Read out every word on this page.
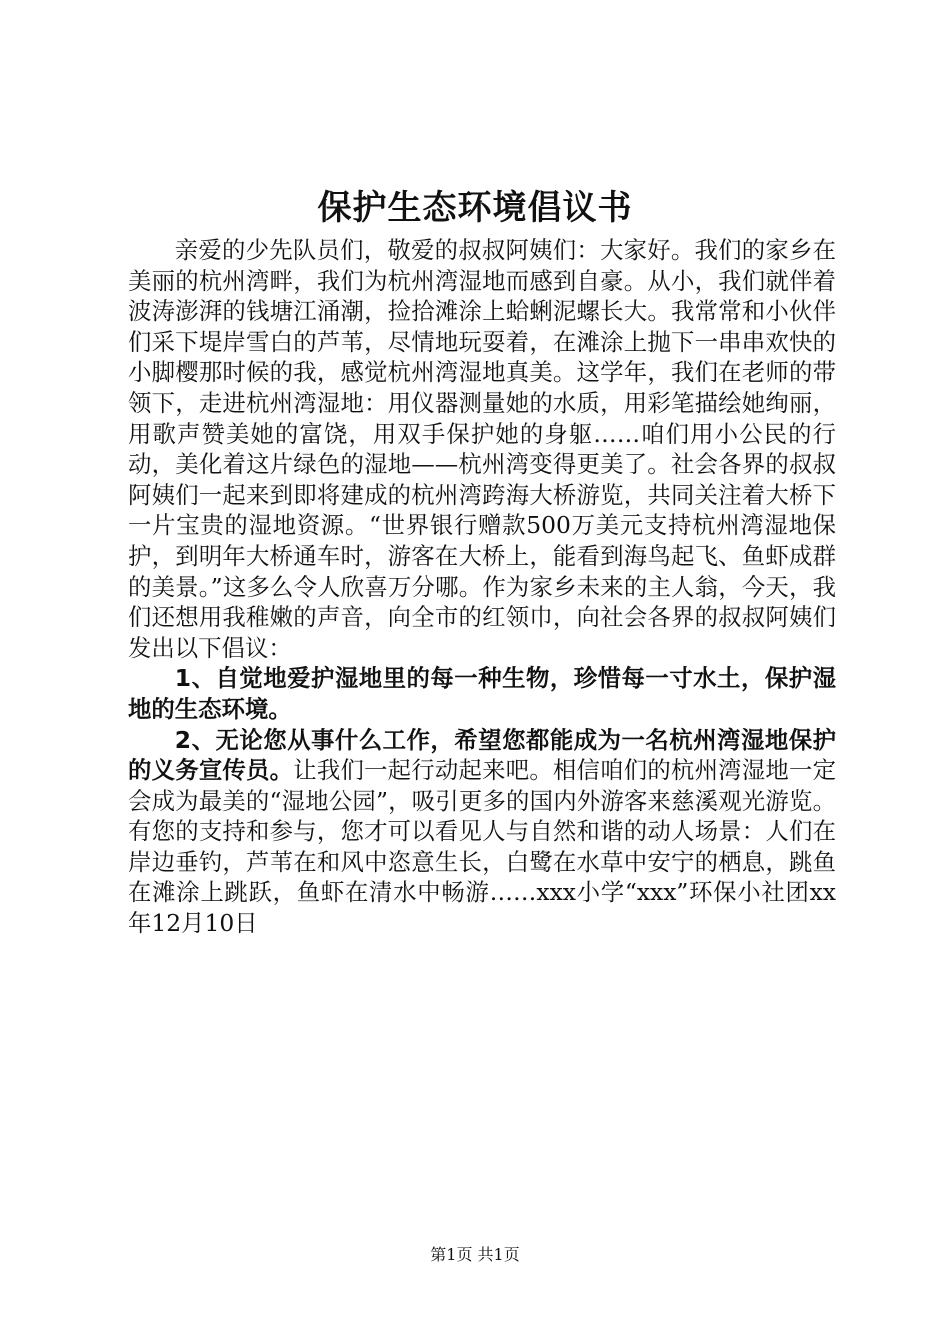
保护生态环境倡议书

亲爱的少先队员们，敬爱的叔叔阿姨们：大家好。我们的家乡在美丽的杭州湾畔，我们为杭州湾湿地而感到自豪。从小，我们就伴着波涛澎湃的钱塘江涌潮，捡拾滩涂上蛤蜊泥螺长大。我常常和小伙伴们采下堤岸雪白的芦苇，尽情地玩耍着，在滩涂上抛下一串串欢快的小脚樱那时候的我，感觉杭州湾湿地真美。这学年，我们在老师的带领下，走进杭州湾湿地：用仪器测量她的水质，用彩笔描绘她绚丽，用歌声赞美她的富饶，用双手保护她的身躯……咱们用小公民的行动，美化着这片绿色的湿地——杭州湾变得更美了。社会各界的叔叔阿姨们一起来到即将建成的杭州湾跨海大桥游览，共同关注着大桥下一片宝贵的湿地资源。“世界银行赠款500万美元支持杭州湾湿地保护，到明年大桥通车时，游客在大桥上，能看到海鸟起飞、鱼虾成群的美景。”这多么令人欣喜万分哪。作为家乡未来的主人翁，今天，我们还想用我稚嫩的声音，向全市的红领巾，向社会各界的叔叔阿姨们发出以下倡议：

1、自觉地爱护湿地里的每一种生物，珍惜每一寸水土，保护湿地的生态环境。

2、无论您从事什么工作，希望您都能成为一名杭州湾湿地保护的义务宣传员。让我们一起行动起来吧。相信咱们的杭州湾湿地一定会成为最美的“湿地公园”，吸引更多的国内外游客来慈溪观光游览。有您的支持和参与，您才可以看见人与自然和谐的动人场景：人们在岸边垂钓，芦苇在和风中恣意生长，白鹭在水草中安宁的栖息，跳鱼在滩涂上跳跃，鱼虾在清水中畅游……xxx小学“xxx”环保小社团xx年12月10日

第1页 共1页
